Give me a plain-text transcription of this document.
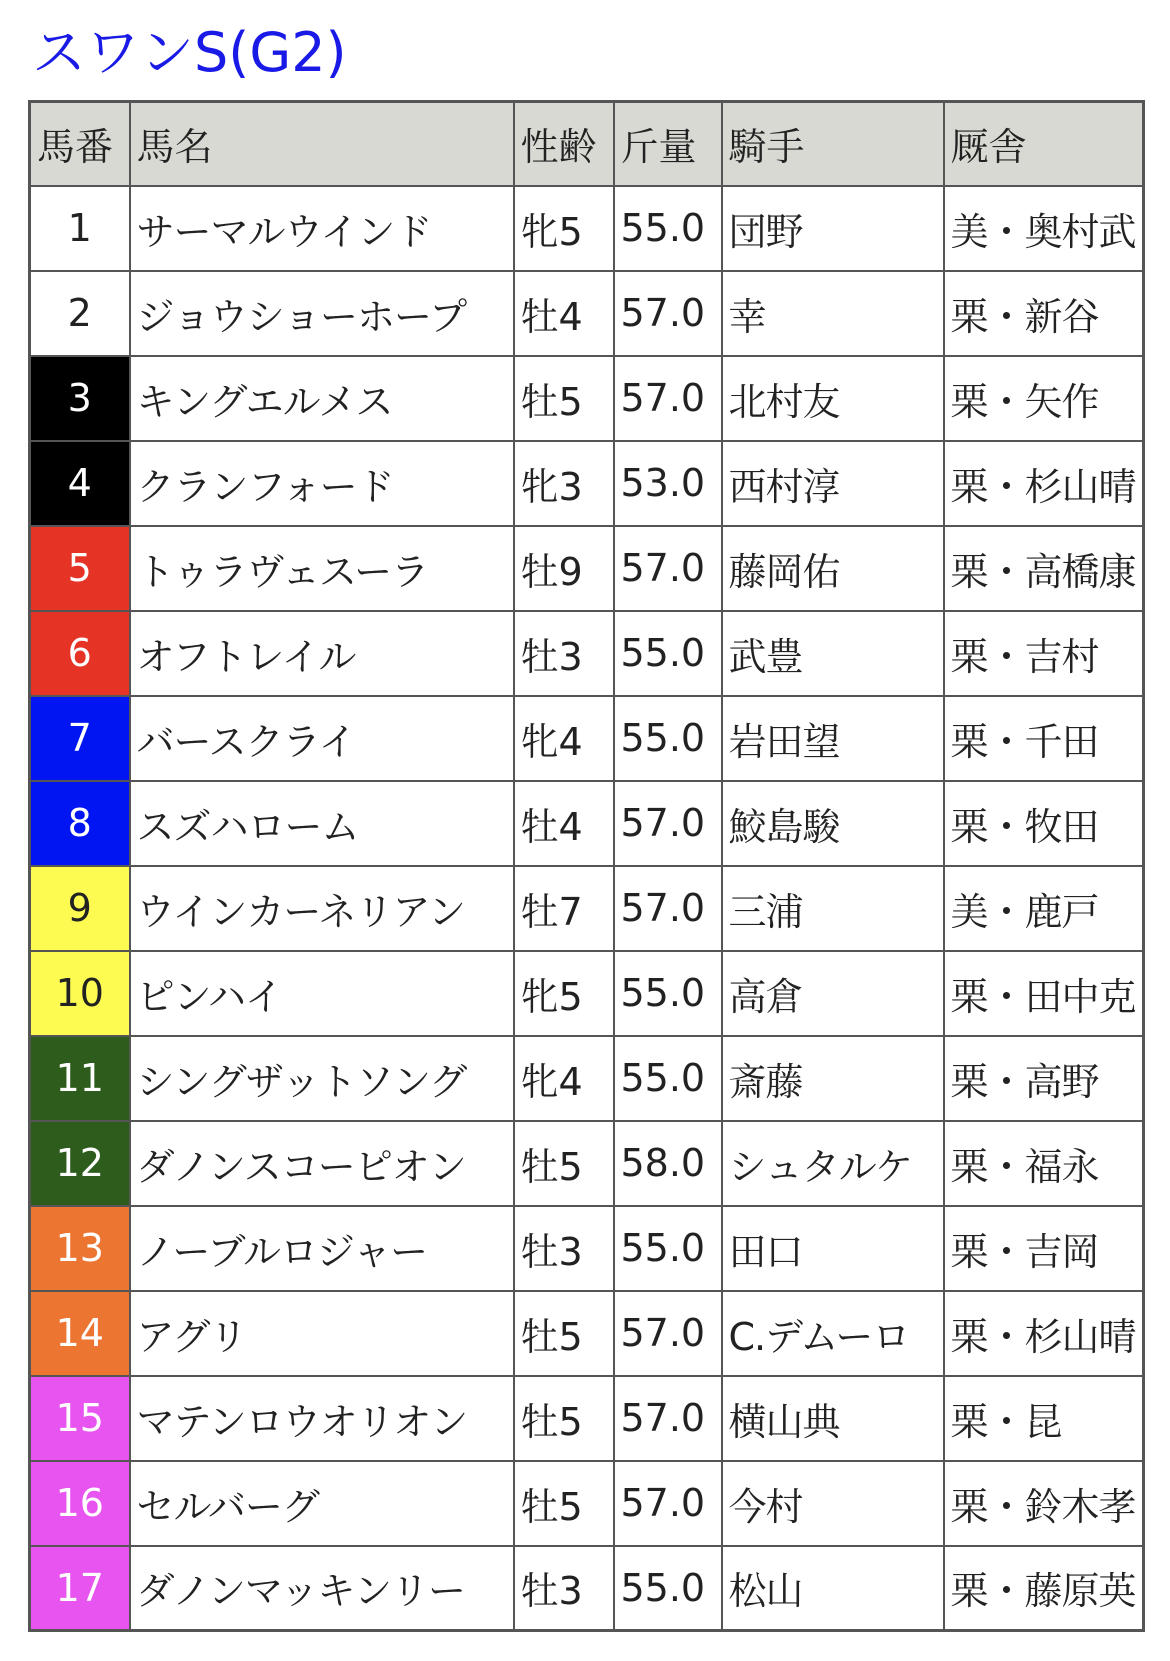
スワンS(G2)
馬番	馬名	性齢	斤量	騎手	厩舎
1	サーマルウインド	牝5	55.0	団野	美・奥村武
2	ジョウショーホープ	牡4	57.0	幸	栗・新谷
3	キングエルメス	牡5	57.0	北村友	栗・矢作
4	クランフォード	牝3	53.0	西村淳	栗・杉山晴
5	トゥラヴェスーラ	牡9	57.0	藤岡佑	栗・高橋康
6	オフトレイル	牡3	55.0	武豊	栗・吉村
7	バースクライ	牝4	55.0	岩田望	栗・千田
8	スズハローム	牡4	57.0	鮫島駿	栗・牧田
9	ウインカーネリアン	牡7	57.0	三浦	美・鹿戸
10	ピンハイ	牝5	55.0	高倉	栗・田中克
11	シングザットソング	牝4	55.0	斎藤	栗・高野
12	ダノンスコーピオン	牡5	58.0	シュタルケ	栗・福永
13	ノーブルロジャー	牡3	55.0	田口	栗・吉岡
14	アグリ	牡5	57.0	C.デムーロ	栗・杉山晴
15	マテンロウオリオン	牡5	57.0	横山典	栗・昆
16	セルバーグ	牡5	57.0	今村	栗・鈴木孝
17	ダノンマッキンリー	牡3	55.0	松山	栗・藤原英
